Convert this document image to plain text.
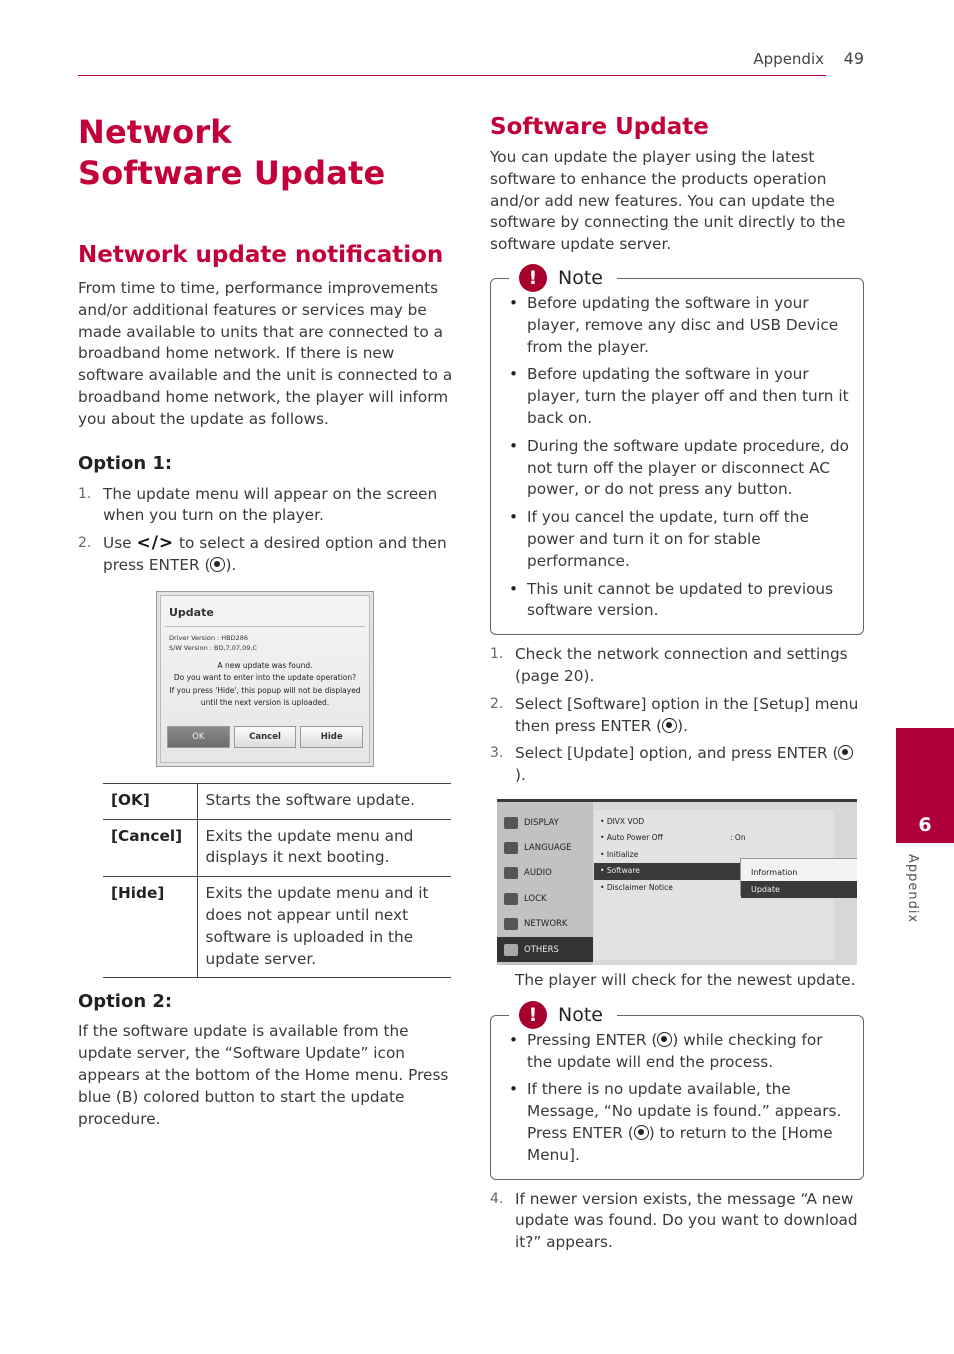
Appendix 49
Network Software Update
Network update notification

From time to time, performance improvements and/or additional features or services may be made available to units that are connected to a broadband home network. If there is new software available and the unit is connected to a broadband home network, the player will inform you about the update as follows.

Option 1:
1. The update menu will appear on the screen when you turn on the player.
2. Use </> to select a desired option and then press ENTER ( ).
Update
Driver Version : HBD286
S/W Version : BD,7,07,09,C
A new update was found.
Do you want to enter into the update operation?
If you press 'Hide', this popup will not be displayed
until the next version is uploaded.
OK	Cancel	Hide
[OK]	Starts the software update.
[Cancel]	Exits the update menu and displays it next booting.
[Hide]	Exits the update menu and it does not appear until next software is uploaded in the update server.
Option 2:

If the software update is available from the update server, the “Software Update” icon appears at the bottom of the Home menu. Press blue (B) colored button to start the update procedure.

Software Update

You can update the player using the latest software to enhance the products operation and/or add new features. You can update the software by connecting the unit directly to the software update server.

!	Note
• Before updating the software in your player, remove any disc and USB Device from the player.
• Before updating the software in your player, turn the player off and then turn it back on.
• During the software update procedure, do not turn off the player or disconnect AC power, or do not press any button.
• If you cancel the update, turn off the power and turn it on for stable performance.
• This unit cannot be updated to previous software version.
1. Check the network connection and settings (page 20).
2. Select [Software] option in the [Setup] menu then press ENTER ( ).
3. Select [Update] option, and press ENTER ().
DISPLAY
LANGUAGE
AUDIO
LOCK
NETWORK
OTHERS
• DIVX VOD
• Auto Power Off	: On
• Initialize
• Software
• Disclaimer Notice
Information
Update

The player will check for the newest update.

!	Note
• Pressing ENTER ( ) while checking for the update will end the process.
• If there is no update available, the Message, “No update is found.” appears. Press ENTER ( ) to return to the [Home Menu].
4. If newer version exists, the message “A new update was found. Do you want to download it?” appears.
6
Appendix
